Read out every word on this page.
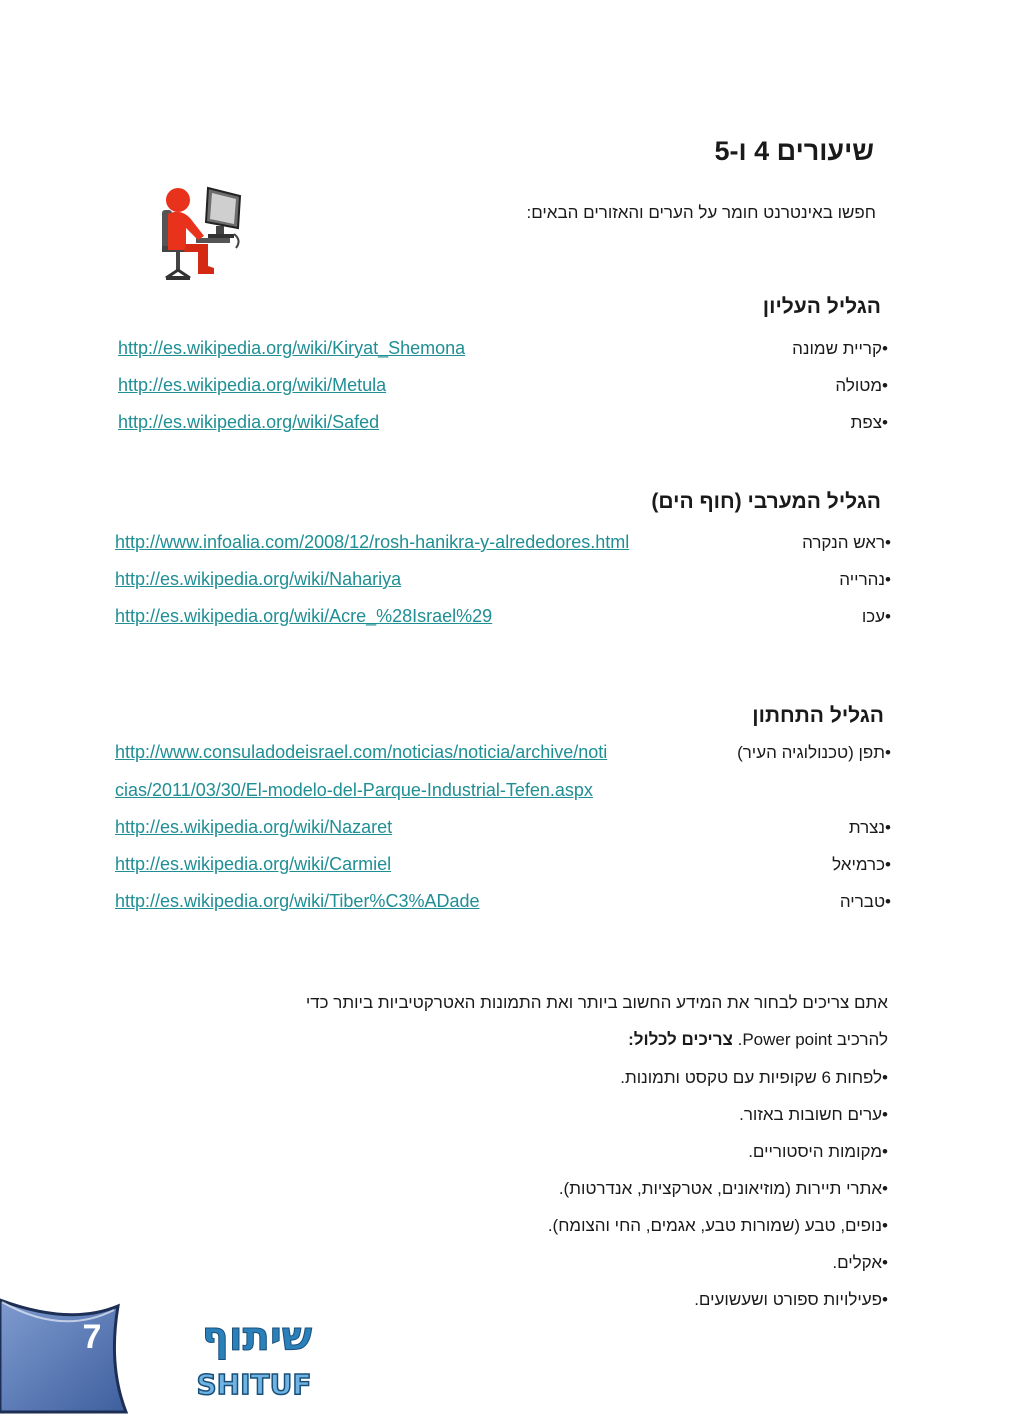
שיעורים 4 ו-5
חפשו באינטרנט חומר על הערים והאזורים הבאים:
הגליל העליון
•קריית שמונה
http://es.wikipedia.org/wiki/Kiryat_Shemona
•מטולה
http://es.wikipedia.org/wiki/Metula
•צפת
http://es.wikipedia.org/wiki/Safed
הגליל המערבי (חוף הים)
•ראש הנקרה
http://www.infoalia.com/2008/12/rosh-hanikra-y-alrededores.html
•נהרייה
http://es.wikipedia.org/wiki/Nahariya
•עכו
http://es.wikipedia.org/wiki/Acre_%28Israel%29
הגליל התחתון
•תפן (טכנולוגיה העיר)
http://www.consuladodeisrael.com/noticias/noticia/archive/noti
cias/2011/03/30/El-modelo-del-Parque-Industrial-Tefen.aspx
•נצרת
http://es.wikipedia.org/wiki/Nazaret
•כרמיאל
http://es.wikipedia.org/wiki/Carmiel
•טבריה
http://es.wikipedia.org/wiki/Tiber%C3%ADade
אתם צריכים לבחור את המידע החשוב ביותר ואת התמונות האטרקטיביות ביותר כדי
להרכיב Power point. צריכים לכלול:
•לפחות 6 שקופיות עם טקסט ותמונות.
•ערים חשובות באזור.
•מקומות היסטוריים.
•אתרי תיירות (מוזיאונים, אטרקציות, אנדרטות).
•נופים, טבע (שמורות טבע, אגמים, החי והצומח).
•אקלים.
•פעילויות ספורט ושעשועים.
7	שיתוף
SHITUF
